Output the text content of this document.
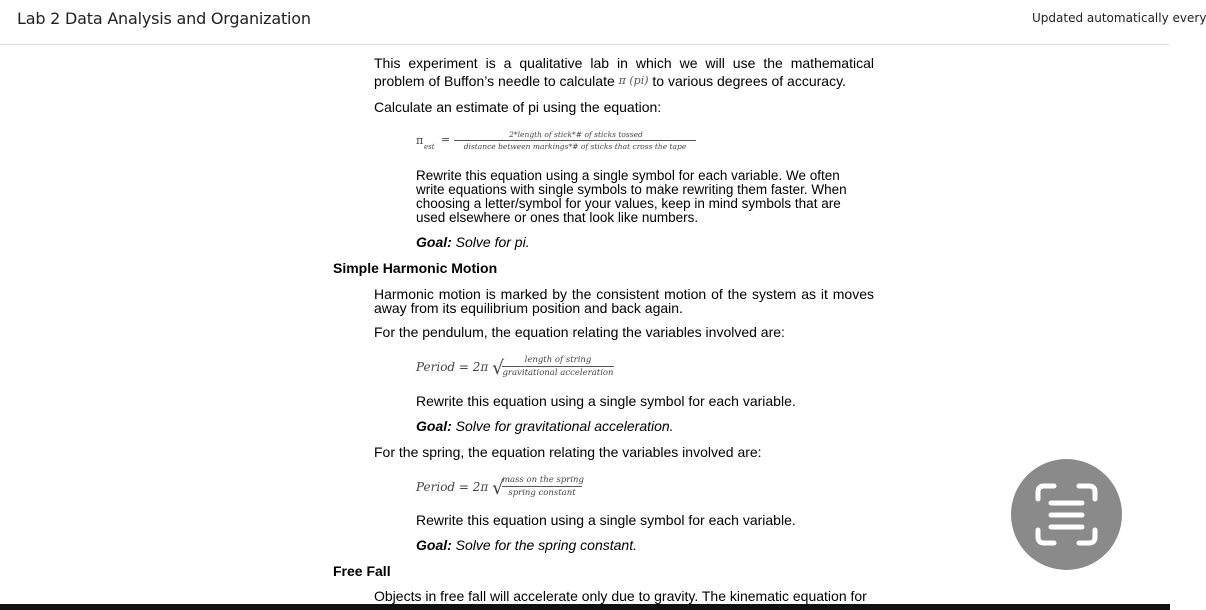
Lab 2 Data Analysis and Organization	Updated automatically every
This experiment is a qualitative lab in which we will use the mathematical
problem of Buffon’s needle to calculate π (pi) to various degrees of accuracy.
Calculate an estimate of pi using the equation:
π est
=	2*length of stick*# of sticks tossed
distance between markings*# of sticks that cross the tape
Rewrite this equation using a single symbol for each variable. We often
write equations with single symbols to make rewriting them faster. When
choosing a letter/symbol for your values, keep in mind symbols that are
used elsewhere or ones that look like numbers.
Goal: Solve for pi.
Simple Harmonic Motion
Harmonic motion is marked by the consistent motion of the system as it moves
away from its equilibrium position and back again.
For the pendulum, the equation relating the variables involved are:
Period = 2π √	length of string
gravitational acceleration
Rewrite this equation using a single symbol for each variable.
Goal: Solve for gravitational acceleration.
For the spring, the equation relating the variables involved are:
Period = 2π √
mass on the spring
spring constant
Rewrite this equation using a single symbol for each variable.
Goal: Solve for the spring constant.
Free Fall
Objects in free fall will accelerate only due to gravity. The kinematic equation for
